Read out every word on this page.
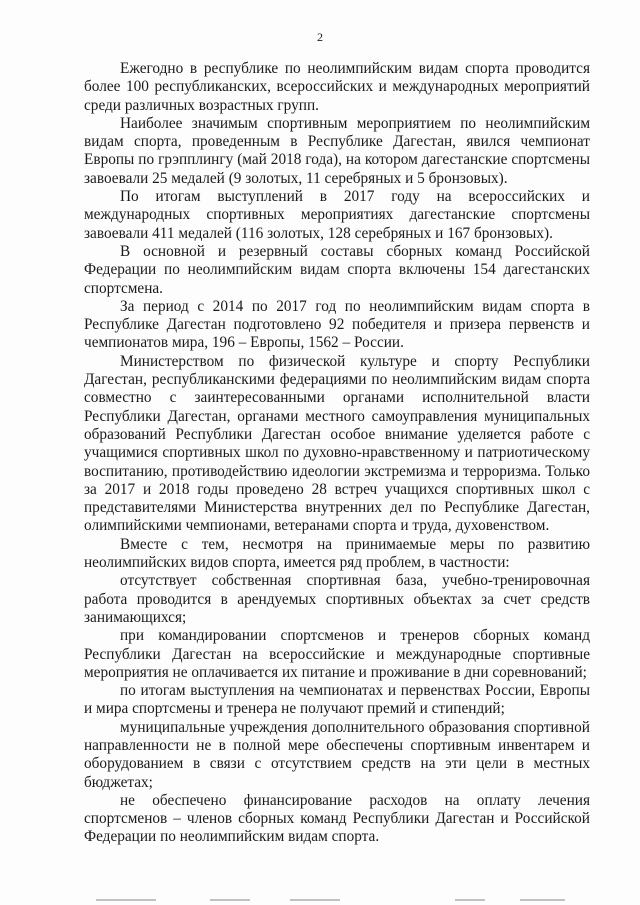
2

Ежегодно в республике по неолимпийским видам спорта проводится более 100 республиканских, всероссийских и международных мероприятий среди различных возрастных групп.

Наиболее значимым спортивным мероприятием по неолимпийским видам спорта, проведенным в Республике Дагестан, явился чемпионат Европы по грэпплингу (май 2018 года), на котором дагестанские спортсмены завоевали 25 медалей (9 золотых, 11 серебряных и 5 бронзовых).

По итогам выступлений в 2017 году на всероссийских и международных спортивных мероприятиях дагестанские спортсмены завоевали 411 медалей (116 золотых, 128 серебряных и 167 бронзовых).

В основной и резервный составы сборных команд Российской Федерации по неолимпийским видам спорта включены 154 дагестанских спортсмена.

За период с 2014 по 2017 год по неолимпийским видам спорта в Республике Дагестан подготовлено 92 победителя и призера первенств и чемпионатов мира, 196 – Европы, 1562 – России.

Министерством по физической культуре и спорту Республики Дагестан, республиканскими федерациями по неолимпийским видам спорта совместно с заинтересованными органами исполнительной власти Республики Дагестан, органами местного самоуправления муниципальных образований Республики Дагестан особое внимание уделяется работе с учащимися спортивных школ по духовно-нравственному и патриотическому воспитанию, противодействию идеологии экстремизма и терроризма. Только за 2017 и 2018 годы проведено 28 встреч учащихся спортивных школ с представителями Министерства внутренних дел по Республике Дагестан, олимпийскими чемпионами, ветеранами спорта и труда, духовенством.

Вместе с тем, несмотря на принимаемые меры по развитию неолимпийских видов спорта, имеется ряд проблем, в частности:

отсутствует собственная спортивная база, учебно-тренировочная работа проводится в арендуемых спортивных объектах за счет средств занимающихся;

при командировании спортсменов и тренеров сборных команд Республики Дагестан на всероссийские и международные спортивные мероприятия не оплачивается их питание и проживание в дни соревнований;

по итогам выступления на чемпионатах и первенствах России, Европы и мира спортсмены и тренера не получают премий и стипендий;

муниципальные учреждения дополнительного образования спортивной направленности не в полной мере обеспечены спортивным инвентарем и оборудованием в связи с отсутствием средств на эти цели в местных бюджетах;

не обеспечено финансирование расходов на оплату лечения спортсменов – членов сборных команд Республики Дагестан и Российской Федерации по неолимпийским видам спорта.
